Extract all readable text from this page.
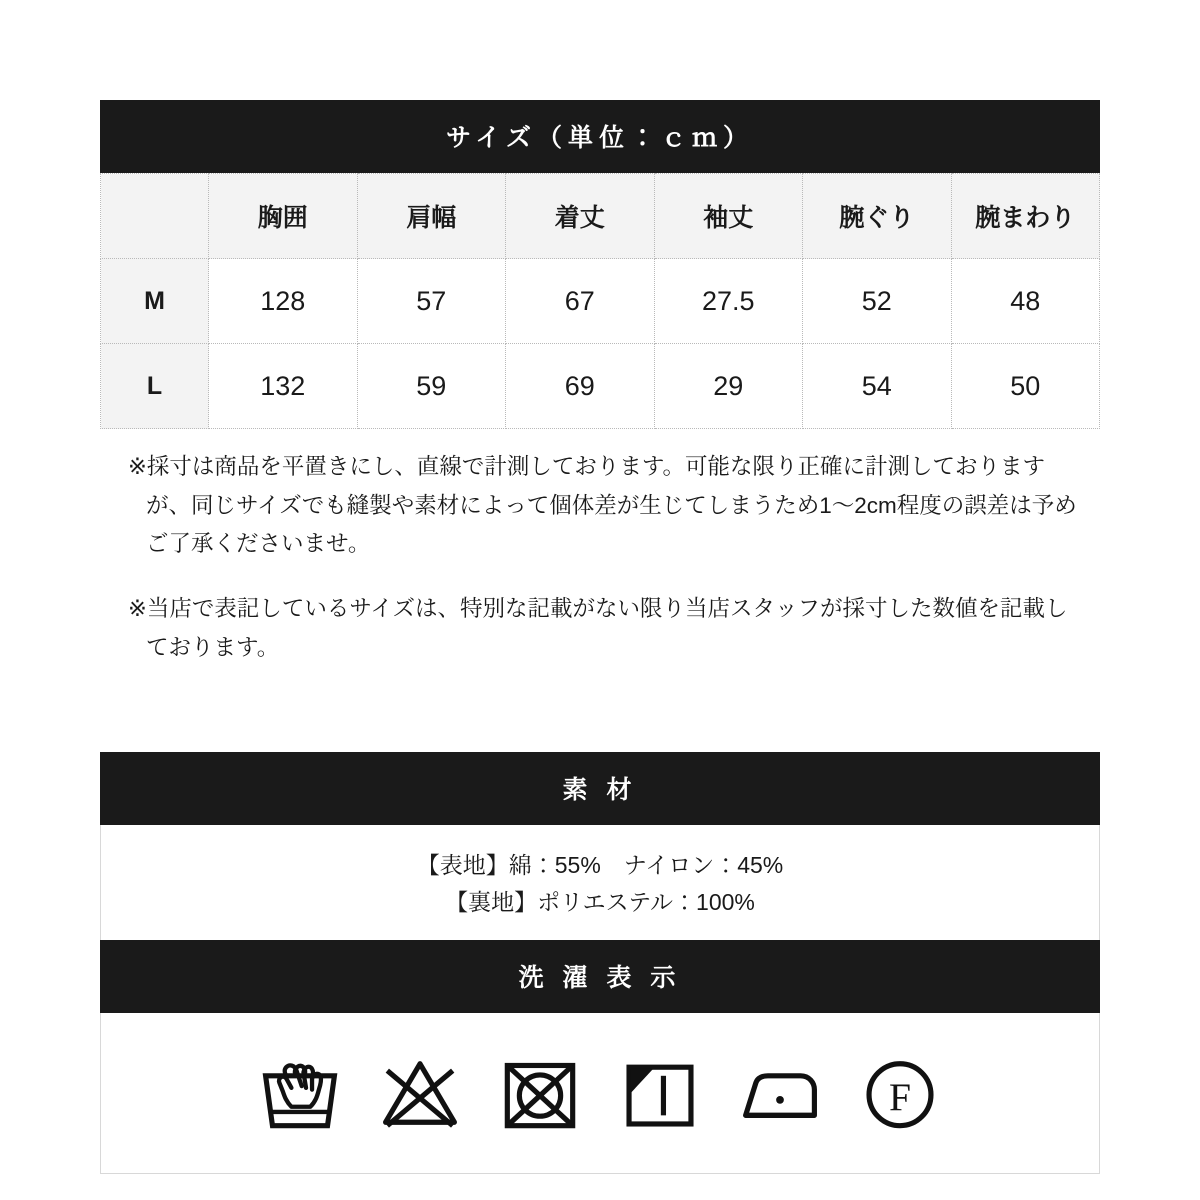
サイズ（単位：ｃｍ）
	胸囲	肩幅	着丈	袖丈	腕ぐり	腕まわり
M	128	57	67	27.5	52	48
L	132	59	69	29	54	50
※採寸は商品を平置きにし、直線で計測しております。可能な限り正確に計測しておりますが、同じサイズでも縫製や素材によって個体差が生じてしまうため1〜2cm程度の誤差は予めご了承くださいませ。
※当店で表記しているサイズは、特別な記載がない限り当店スタッフが採寸した数値を記載しております。
素 材
【表地】綿：55%　ナイロン：45%
【裏地】ポリエステル：100%
洗 濯 表 示
F
